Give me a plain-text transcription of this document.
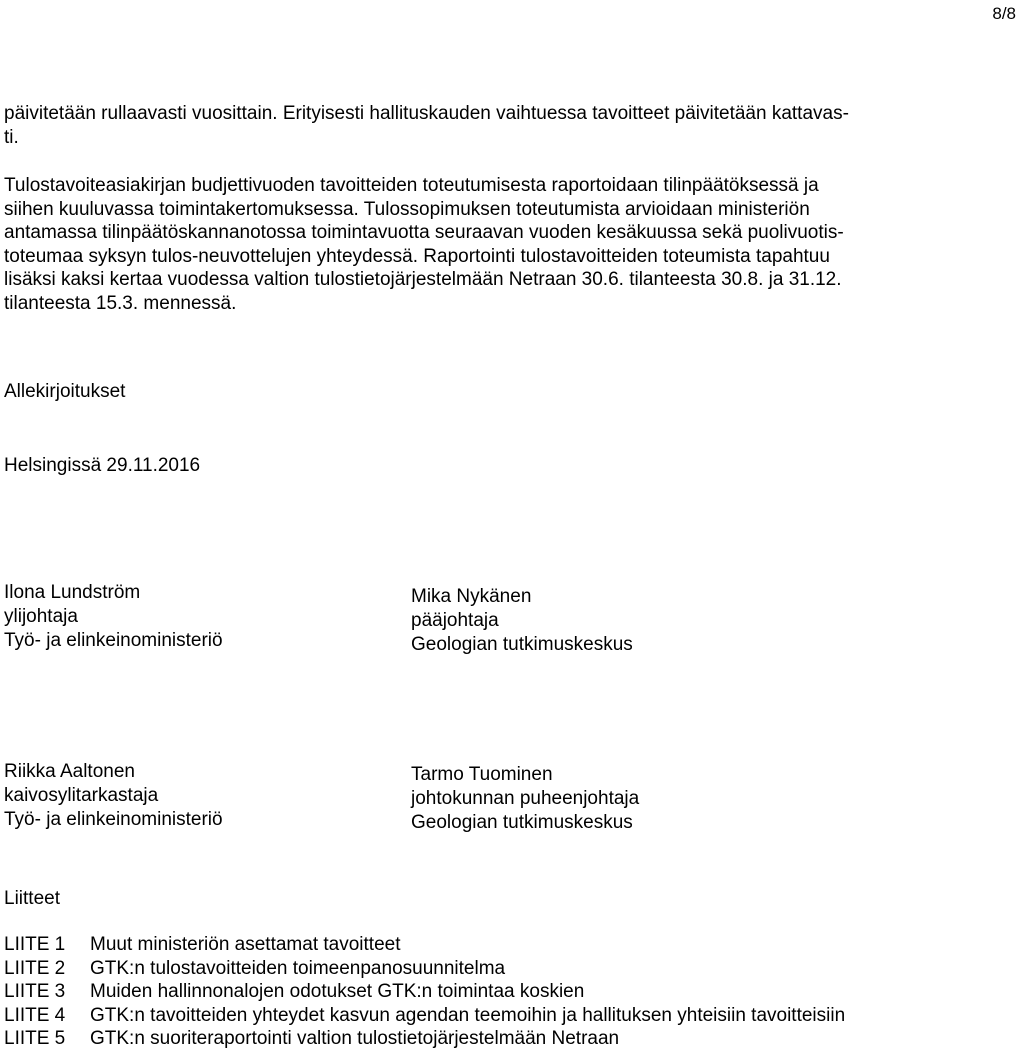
8/8

päivitetään rullaavasti vuosittain. Erityisesti hallituskauden vaihtuessa tavoitteet päivitetään kattavas-

ti.

Tulostavoiteasiakirjan budjettivuoden tavoitteiden toteutumisesta raportoidaan tilinpäätöksessä ja

siihen kuuluvassa toimintakertomuksessa. Tulossopimuksen toteutumista arvioidaan ministeriön

antamassa tilinpäätöskannanotossa toimintavuotta seuraavan vuoden kesäkuussa sekä puolivuotis-

toteumaa syksyn tulos-neuvottelujen yhteydessä. Raportointi tulostavoitteiden toteumista tapahtuu

lisäksi kaksi kertaa vuodessa valtion tulostietojärjestelmään Netraan 30.6. tilanteesta 30.8. ja 31.12.

tilanteesta 15.3. mennessä.

Allekirjoitukset
Helsingissä 29.11.2016
Ilona Lundström
ylijohtaja
Työ- ja elinkeinoministeriö
Mika Nykänen
pääjohtaja
Geologian tutkimuskeskus
Riikka Aaltonen
kaivosylitarkastaja
Työ- ja elinkeinoministeriö
Tarmo Tuominen
johtokunnan puheenjohtaja
Geologian tutkimuskeskus
Liitteet
LIITE 1	Muut ministeriön asettamat tavoitteet
LIITE 2	GTK:n tulostavoitteiden toimeenpanosuunnitelma
LIITE 3	Muiden hallinnonalojen odotukset GTK:n toimintaa koskien
LIITE 4	GTK:n tavoitteiden yhteydet kasvun agendan teemoihin ja hallituksen yhteisiin tavoitteisiin
LIITE 5	GTK:n suoriteraportointi valtion tulostietojärjestelmään Netraan
